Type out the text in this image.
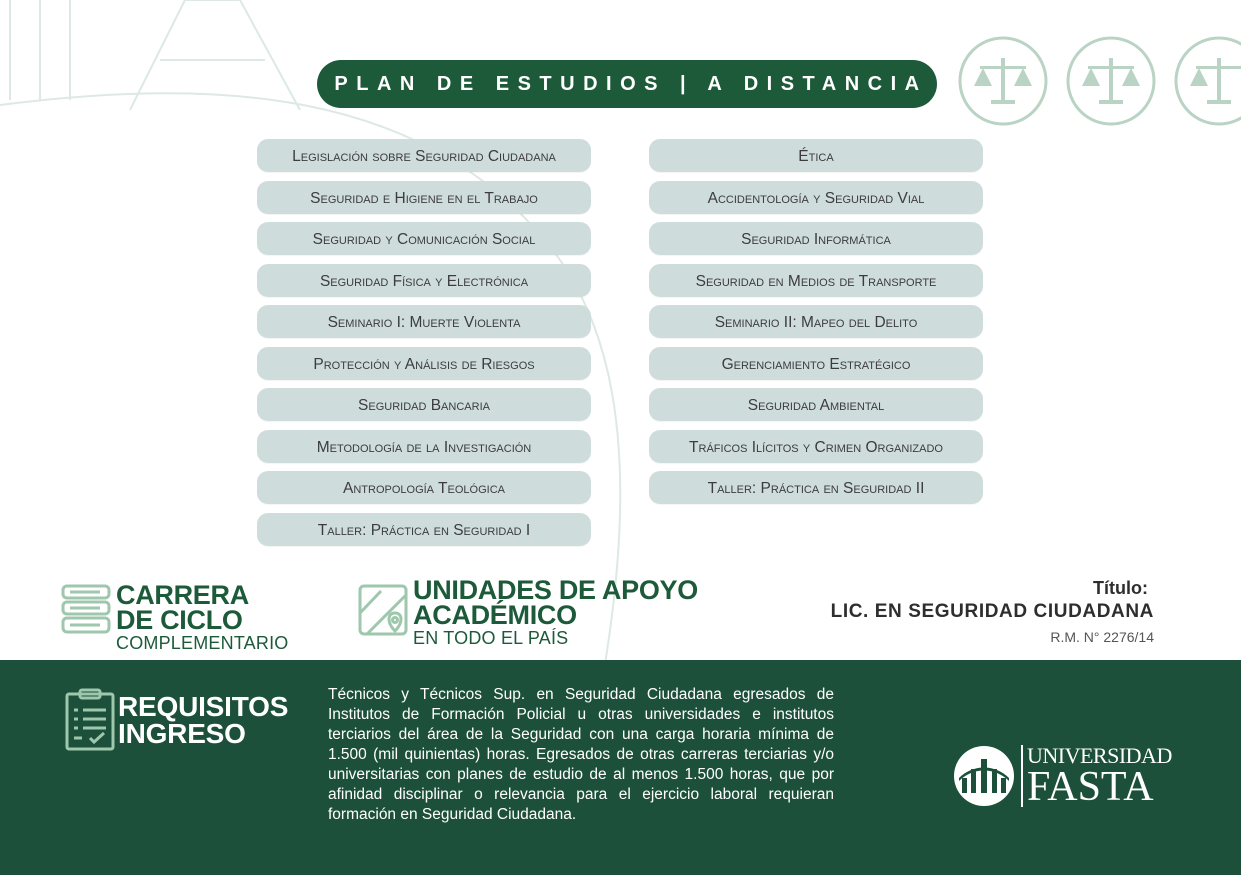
PLAN DE ESTUDIOS | A DISTANCIA
Legislación sobre Seguridad Ciudadana
Seguridad e Higiene en el Trabajo
Seguridad y Comunicación Social
Seguridad Física y Electrónica
Seminario I: Muerte Violenta
Protección y Análisis de Riesgos
Seguridad Bancaria
Metodología de la Investigación
Antropología Teológica
Taller: Práctica en Seguridad I
Ética
Accidentología y Seguridad Vial
Seguridad Informática
Seguridad en Medios de Transporte
Seminario II: Mapeo del Delito
Gerenciamiento Estratégico
Seguridad Ambiental
Tráficos Ilícitos y Crimen Organizado
Taller: Práctica en Seguridad II
CARRERA
DE CICLO
COMPLEMENTARIO
UNIDADES DE APOYO
ACADÉMICO
EN TODO EL PAÍS
Título:
LIC. EN SEGURIDAD CIUDADANA
R.M. N° 2276/14
REQUISITOS
INGRESO

Técnicos y Técnicos Sup. en Seguridad Ciudadana egresados de Institutos de Formación Policial u otras universidades e institutos terciarios del área de la Seguridad con una carga horaria mínima de 1.500 (mil quinientas) horas. Egresados de otras carreras terciarias y/o universitarias con planes de estudio de al menos 1.500 horas, que por afinidad disciplinar o relevancia para el ejercicio laboral requieran formación en Seguridad Ciudadana.

UNIVERSIDAD
FASTA
